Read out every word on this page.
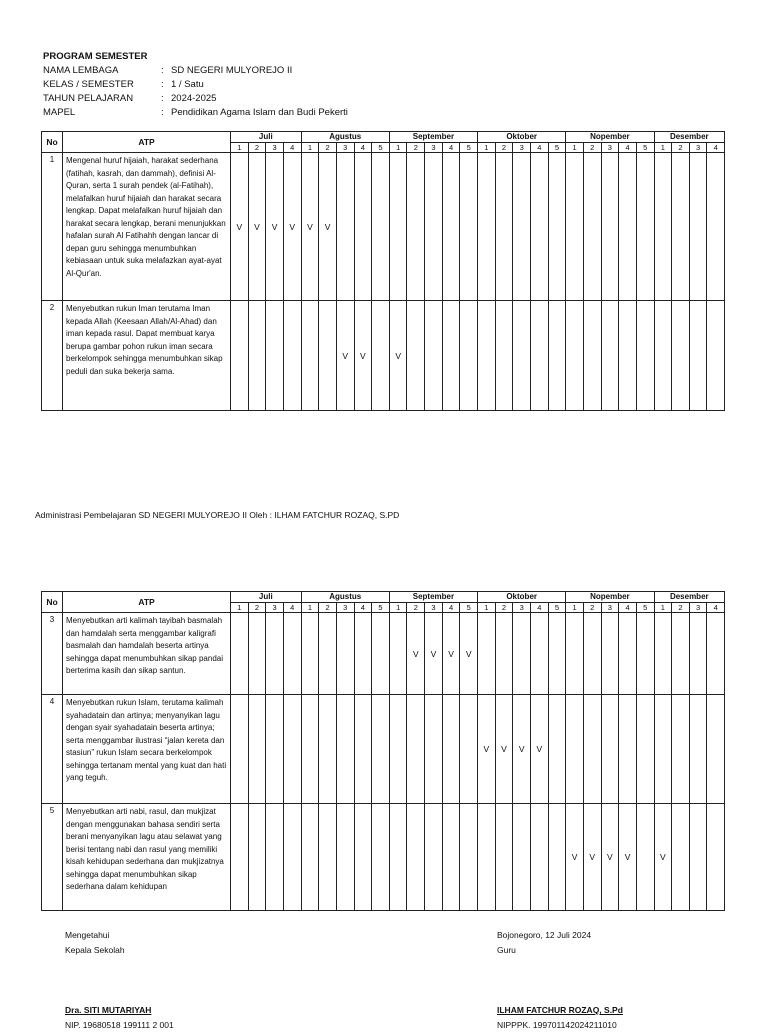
PROGRAM SEMESTER
NAMA LEMBAGA	: SD NEGERI MULYOREJO II
KELAS / SEMESTER	: 1 / Satu
TAHUN PELAJARAN	: 2024-2025
MAPEL	: Pendidikan Agama Islam dan Budi Pekerti
No	ATP	Juli				Agustus					September					Oktober					Nopember					Desember			
		1	2	3	4	1	2	3	4	5	1	2	3	4	5	1	2	3	4	5	1	2	3	4	5	1	2	3	4
1	Mengenal huruf hijaiah, harakat sederhana (fatihah, kasrah, dan dammah), definisi Al-Quran, serta 1 surah pendek (al-Fatihah), melafalkan huruf hijaiah dan harakat secara lengkap. Dapat melafalkan huruf hijaiah dan harakat secara lengkap, berani menunjukkan hafalan surah Al Fatihahh dengan lancar di depan guru sehingga menumbuhkan kebiasaan untuk suka melafazkan ayat-ayat Al-Qur'an.	V	V	V	V	V	V																						
2	Menyebutkan rukun Iman terutama Iman kepada Allah (Keesaan Allah/Al-Ahad) dan iman kepada rasul. Dapat membuat karya berupa gambar pohon rukun iman secara berkelompok sehingga menumbuhkan sikap peduli dan suka bekerja sama.							V	V		V																		
Administrasi Pembelajaran SD NEGERI MULYOREJO II Oleh : ILHAM FATCHUR ROZAQ, S.PD
No	ATP	Juli				Agustus					September					Oktober					Nopember					Desember			
		1	2	3	4	1	2	3	4	5	1	2	3	4	5	1	2	3	4	5	1	2	3	4	5	1	2	3	4
3	Menyebutkan arti kalimah tayibah basmalah dan hamdalah serta menggambar kaligrafi basmalah dan hamdalah beserta artinya sehingga dapat menumbuhkan sikap pandai berterima kasih dan sikap santun.											V	V	V	V														
4	Menyebutkan rukun Islam, terutama kalimah syahadatain dan artinya; menyanyikan lagu dengan syair syahadatain beserta artinya; serta menggambar ilustrasi “jalan kereta dan stasiun” rukun Islam secara berkelompok sehingga tertanam mental yang kuat dan hati yang teguh.															V	V	V	V										
5	Menyebutkan arti nabi, rasul, dan mukjizat dengan menggunakan bahasa sendiri serta berani menyanyikan lagu atau selawat yang berisi tentang nabi dan rasul yang memiliki kisah kehidupan sederhana dan mukjizatnya sehingga dapat menumbuhkan sikap sederhana dalam kehidupan																				V	V	V	V		V			
Mengetahui
Kepala Sekolah
Dra. SITI MUTARIYAH
NIP. 19680518 199111 2 001
Bojonegoro, 12 Juli 2024
Guru
ILHAM FATCHUR ROZAQ, S.Pd
NIPPPK. 199701142024211010
